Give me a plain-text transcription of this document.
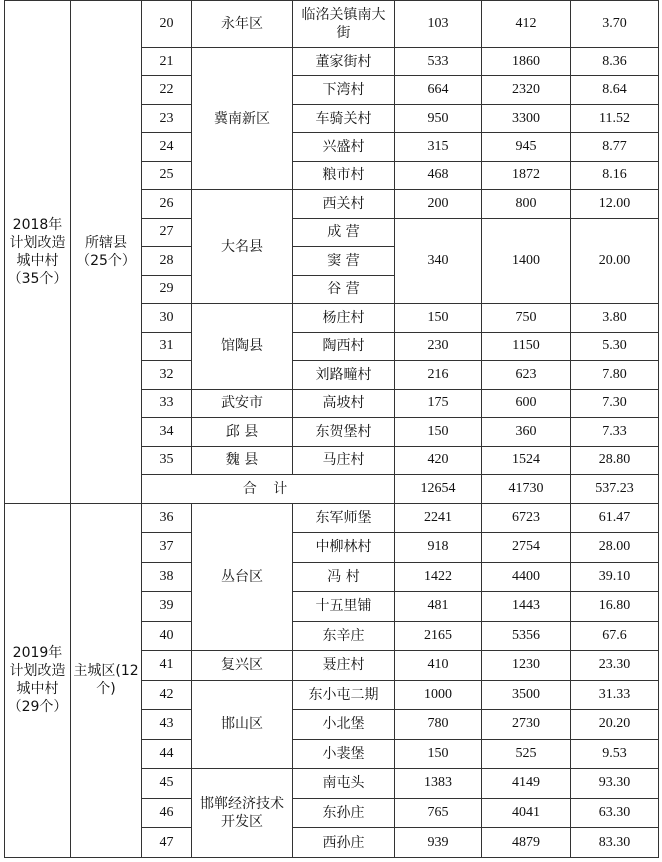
2018年计划改造城中村（35个）	所辖县（25个）	20	永年区	临洺关镇南大街	103	412	3.70
		21	冀南新区	董家街村	533	1860	8.36
		22		下湾村	664	2320	8.64
		23		车骑关村	950	3300	11.52
		24		兴盛村	315	945	8.77
		25		粮市村	468	1872	8.16
		26	大名县	西关村	200	800	12.00
		27		成 营	340	1400	20.00
		28		窦 营			
		29		谷 营			
		30	馆陶县	杨庄村	150	750	3.80
		31		陶西村	230	1150	5.30
		32		刘路疃村	216	623	7.80
		33	武安市	高坡村	175	600	7.30
		34	邱 县	东贺堡村	150	360	7.33
		35	魏 县	马庄村	420	1524	28.80
		合 计			12654	41730	537.23
2019年计划改造城中村（29个）	主城区(12个)	36	丛台区	东军师堡	2241	6723	61.47
		37		中柳林村	918	2754	28.00
		38		冯 村	1422	4400	39.10
		39		十五里铺	481	1443	16.80
		40		东辛庄	2165	5356	67.6
		41	复兴区	聂庄村	410	1230	23.30
		42	邯山区	东小屯二期	1000	3500	31.33
		43		小北堡	780	2730	20.20
		44		小裴堡	150	525	9.53
		45	邯郸经济技术开发区	南屯头	1383	4149	93.30
		46		东孙庄	765	4041	63.30
		47		西孙庄	939	4879	83.30
